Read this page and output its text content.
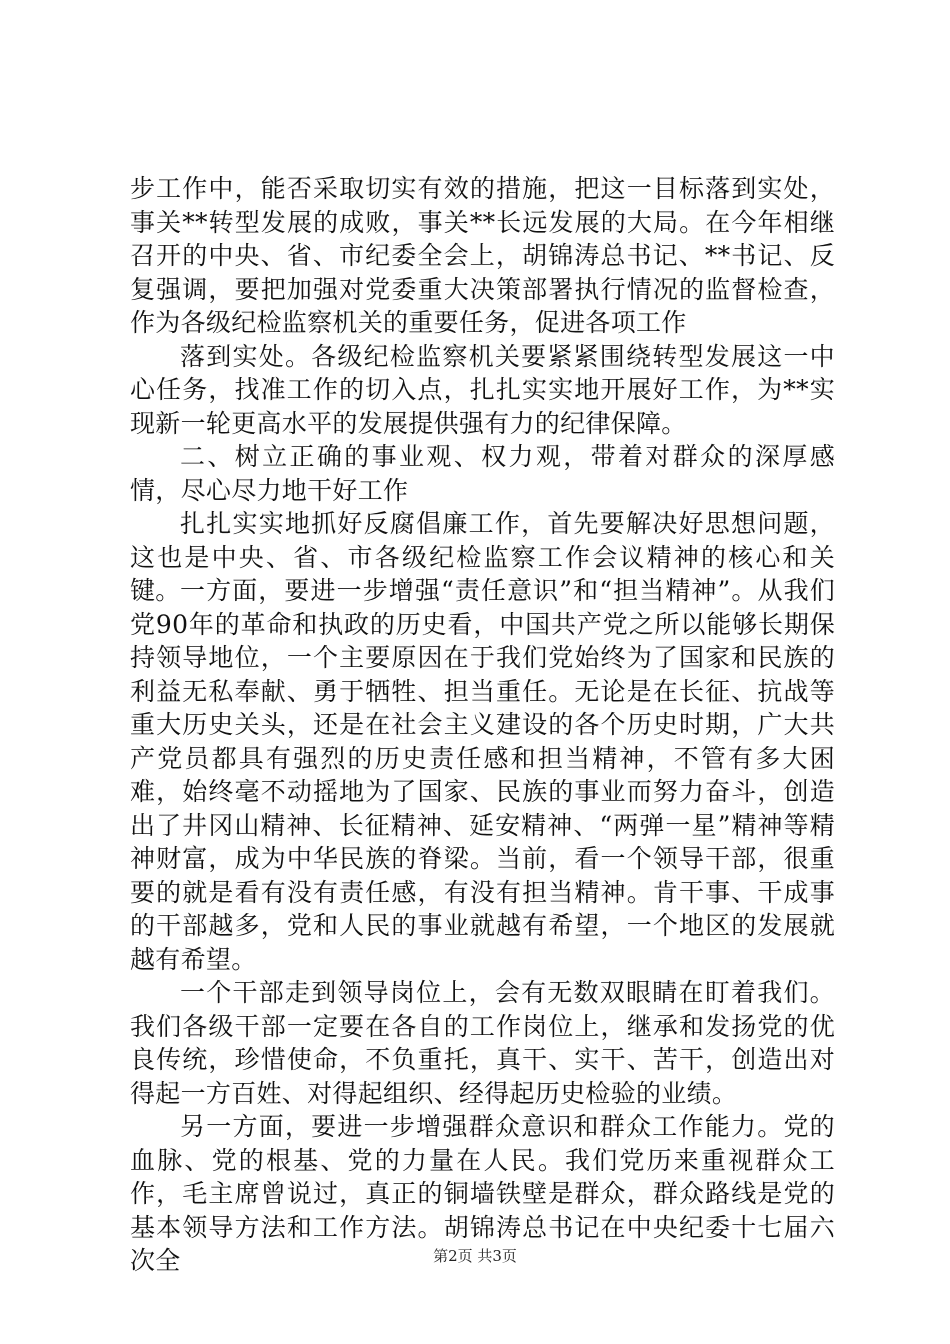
步工作中，能否采取切实有效的措施，把这一目标落到实处，事关**转型发展的成败，事关**长远发展的大局。在今年相继召开的中央、省、市纪委全会上，胡锦涛总书记、**书记、反复强调，要把加强对党委重大决策部署执行情况的监督检查，作为各级纪检监察机关的重要任务，促进各项工作

落到实处。各级纪检监察机关要紧紧围绕转型发展这一中心任务，找准工作的切入点，扎扎实实地开展好工作，为**实现新一轮更高水平的发展提供强有力的纪律保障。

二、树立正确的事业观、权力观，带着对群众的深厚感情，尽心尽力地干好工作

扎扎实实地抓好反腐倡廉工作，首先要解决好思想问题，这也是中央、省、市各级纪检监察工作会议精神的核心和关键。 一方面，要进一步增强“责任意识”和“担当精神”。从我们党90年的革命和执政的历史看，中国共产党之所以能够长期保持领导地位，一个主要原因在于我们党始终为了国家和民族的利益无私奉献、勇于牺牲、担当重任。无论是在长征、抗战等重大历史关头，还是在社会主义建设的各个历史时期，广大共产党员都具有强烈的历史责任感和担当精神，不管有多大困难，始终毫不动摇地为了国家、民族的事业而努力奋斗，创造出了井冈山精神、长征精神、延安精神、“两弹一星”精神等精神财富，成为中华民族的脊梁。当前，看一个领导干部，很重要的就是看有没有责任感，有没有担当精神。肯干事、干成事的干部越多，党和人民的事业就越有希望，一个地区的发展就越有希望。

一个干部走到领导岗位上，会有无数双眼睛在盯着我们。我们各级干部一定要在各自的工作岗位上，继承和发扬党的优良传统，珍惜使命，不负重托，真干、实干、苦干，创造出对得起一方百姓、对得起组织、经得起历史检验的业绩。

另一方面，要进一步增强群众意识和群众工作能力。党的血脉、党的根基、党的力量在人民。我们党历来重视群众工作，毛主席曾说过，真正的铜墙铁壁是群众，群众路线是党的基本领导方法和工作方法。胡锦涛总书记在中央纪委十七届六次全	第2页 共3页
